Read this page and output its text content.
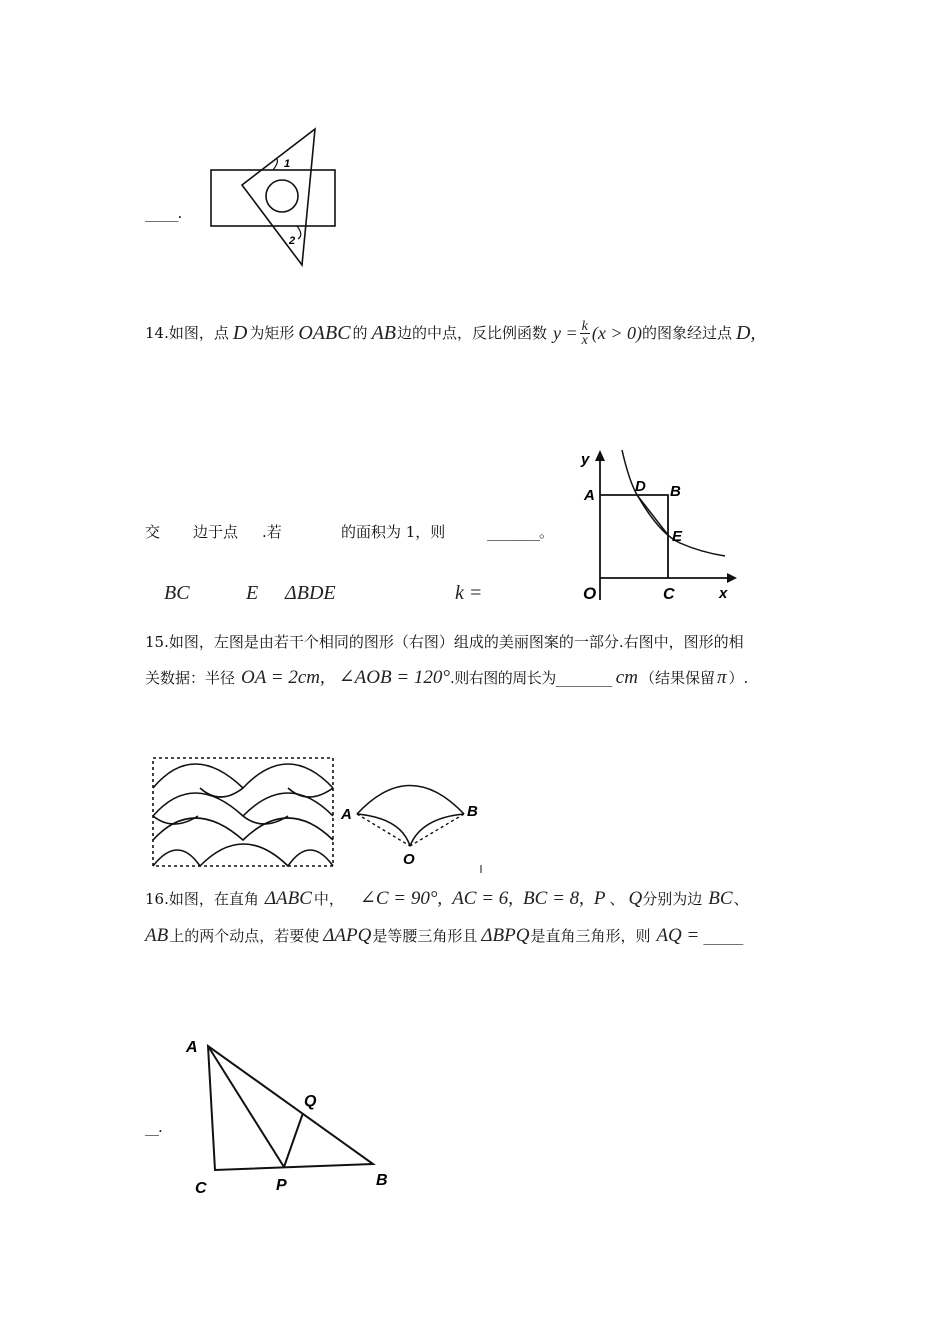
_____.
1
2
14.如图，点 D 为矩形 OABC 的 AB 边的中点，反比例函数 $y = \frac{k}{x} (x > 0)$ 的图象经过点 D,
交 边于点 .若	的面积为 1，则	________。
BC	E ΔBDE	k =
y
x
O
A	B
C
D
E
15.如图，左图是由若干个相同的图形（右图）组成的美丽图案的一部分.右图中，图形的相
关数据：半径 OA = 2cm, ∠AOB = 120° .则右图的周长为________ cm （结果保留 π ）.
A	B
O
16.如图，在直角 ΔABC 中， ∠C = 90°, AC = 6, BC = 8, P 、 Q 分别为边 BC 、
AB 上的两个动点，若要使 ΔAPQ 是等腰三角形且 ΔBPQ 是直角三角形，则 AQ = ______
__.
A
Q
C	P	B
